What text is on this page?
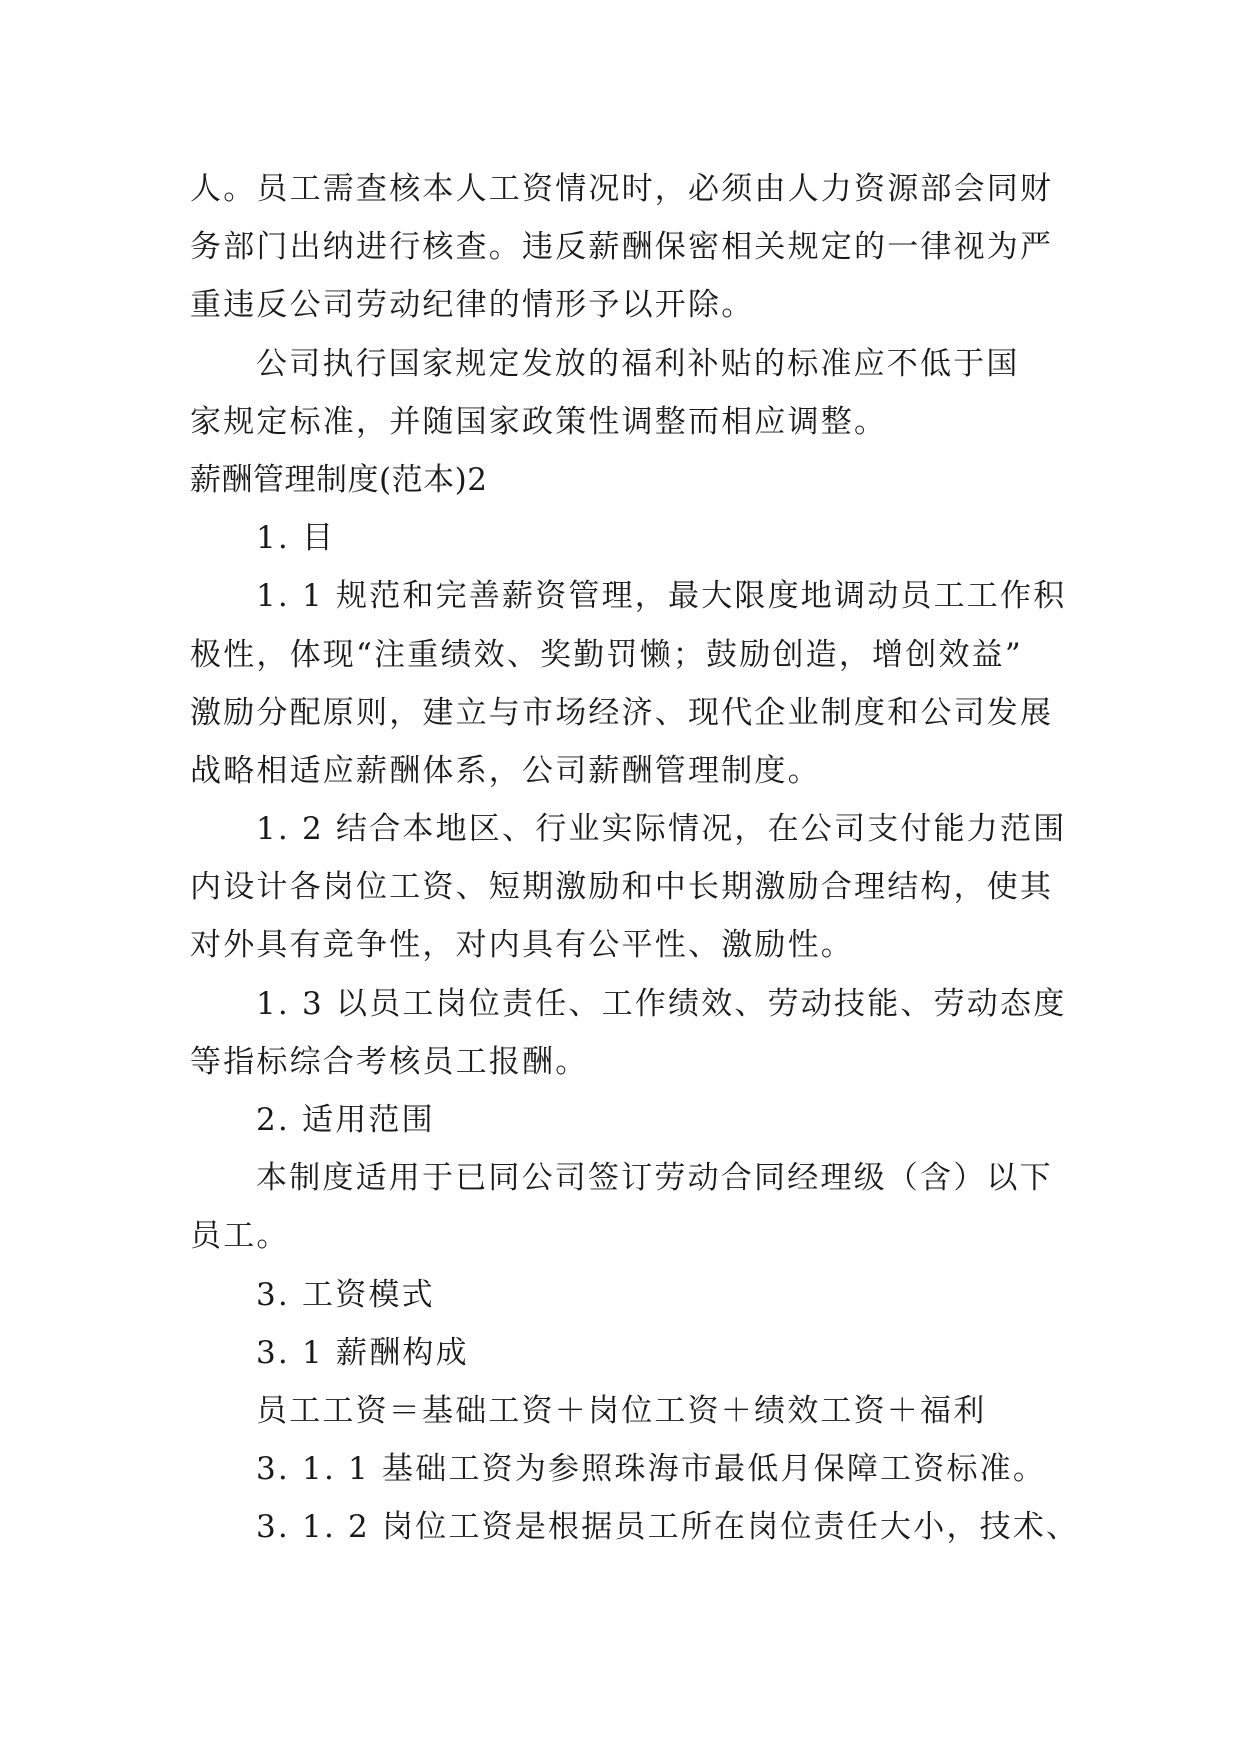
人。员工需查核本人工资情况时，必须由人力资源部会同财
务部门出纳进行核查。违反薪酬保密相关规定的一律视为严
重违反公司劳动纪律的情形予以开除。
公司执行国家规定发放的福利补贴的标准应不低于国
家规定标准，并随国家政策性调整而相应调整。
薪酬管理制度(范本)2
1. 目
1. 1 规范和完善薪资管理，最大限度地调动员工工作积
极性，体现“注重绩效、奖勤罚懒；鼓励创造，增创效益”
激励分配原则，建立与市场经济、现代企业制度和公司发展
战略相适应薪酬体系，公司薪酬管理制度。
1. 2 结合本地区、行业实际情况，在公司支付能力范围
内设计各岗位工资、短期激励和中长期激励合理结构，使其
对外具有竞争性，对内具有公平性、激励性。
1. 3 以员工岗位责任、工作绩效、劳动技能、劳动态度
等指标综合考核员工报酬。
2. 适用范围
本制度适用于已同公司签订劳动合同经理级（含）以下
员工。
3. 工资模式
3. 1 薪酬构成
员工工资＝基础工资＋岗位工资＋绩效工资＋福利
3. 1. 1 基础工资为参照珠海市最低月保障工资标准。
3. 1. 2 岗位工资是根据员工所在岗位责任大小，技术、
